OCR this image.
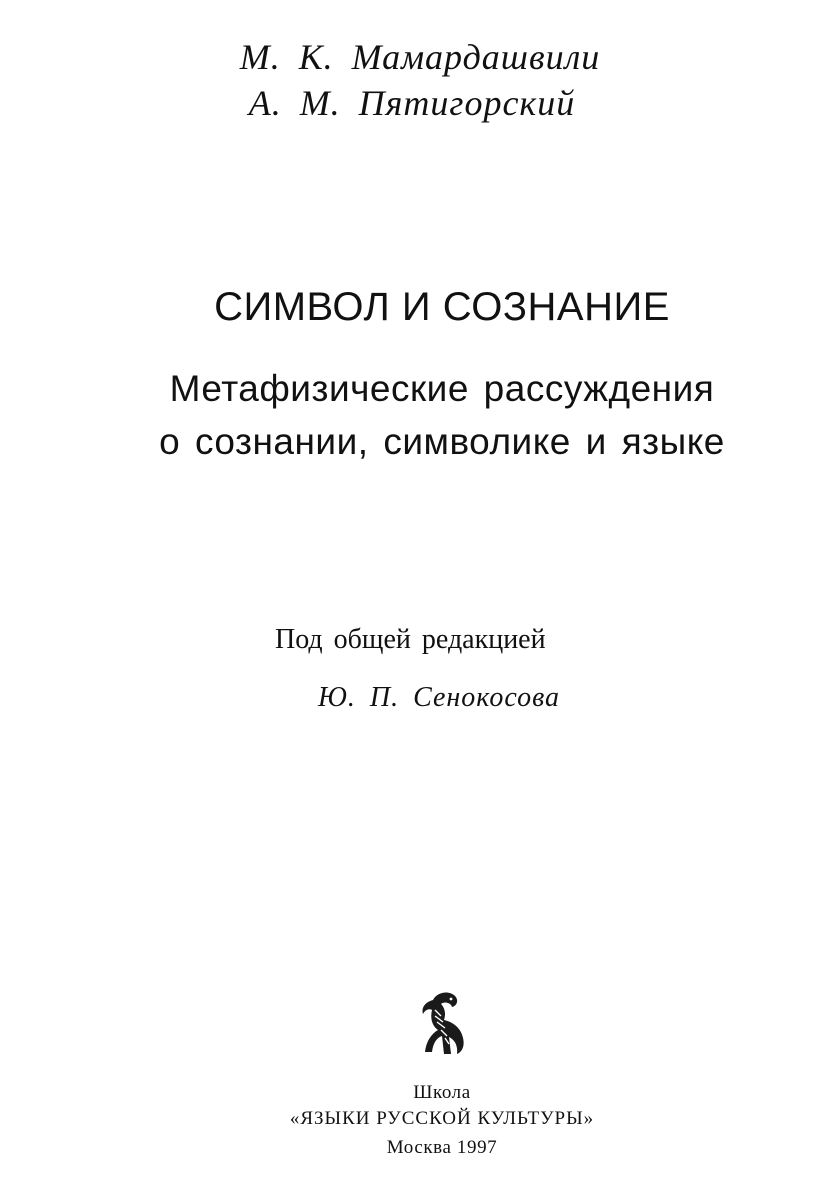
М. К. Мамардашвили
А. М. Пятигорский
СИМВОЛ И СОЗНАНИЕ
Метафизические рассуждения
о сознании, символике и языке
Под общей редакцией
Ю. П. Сенокосова
Школа
«ЯЗЫКИ РУССКОЙ КУЛЬТУРЫ»
Москва 1997
